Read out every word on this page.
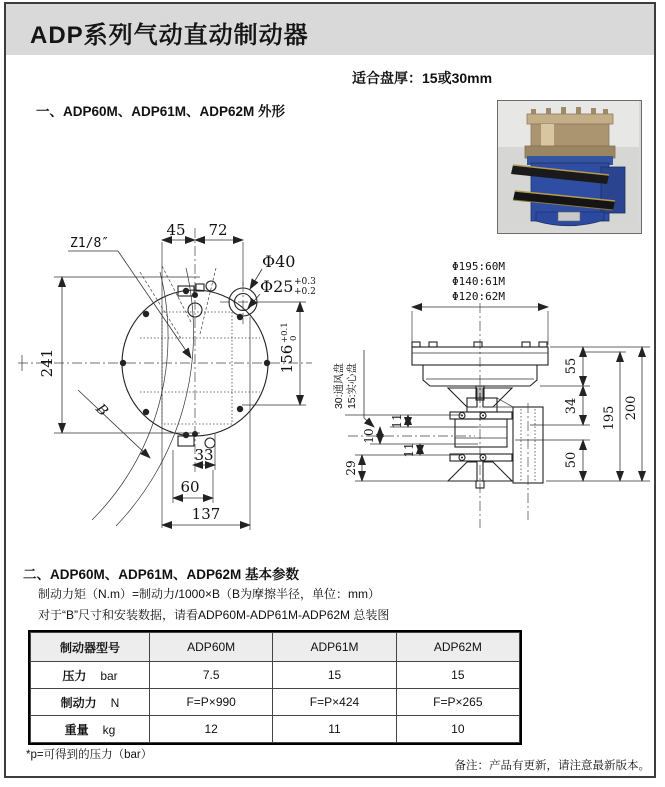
ADP系列气动直动制动器
适合盘厚：15或30mm
一、ADP60M、ADP61M、ADP62M 外形
45 72
Z1/8″
Φ40
Φ25 +0.3
+0.2
156
+0.1 0
241
B
33
60
137
Φ195:60M
Φ140:61M
Φ120:62M
55
34
50
195 200
11
10
11
29
30:通风盘 15:实心盘
二、ADP60M、ADP61M、ADP62M 基本参数
制动力矩（N.m）=制动力/1000×B（B为摩擦半径，单位：mm）
对于“B”尺寸和安装数据，请看ADP60M-ADP61M-ADP62M 总装图
制动器型号	ADP60M	ADP61M	ADP62M
压力 bar	7.5	15	15
制动力 N	F=P×990	F=P×424	F=P×265
重量 kg	12	11	10
*p=可得到的压力（bar）
备注：产品有更新，请注意最新版本。
